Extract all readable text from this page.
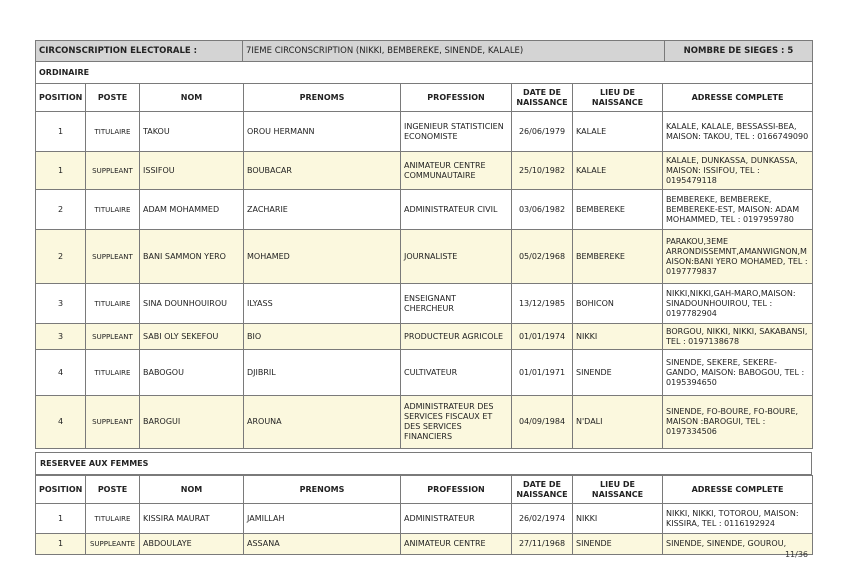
CIRCONSCRIPTION ELECTORALE :	7IEME CIRCONSCRIPTION (NIKKI, BEMBEREKE, SINENDE, KALALE)	NOMBRE DE SIEGES : 5
ORDINAIRE
POSITION	POSTE	NOM	PRENOMS	PROFESSION	DATE DE NAISSANCE	LIEU DE NAISSANCE	ADRESSE COMPLETE
1	TITULAIRE	TAKOU	OROU HERMANN	INGENIEUR STATISTICIEN ECONOMISTE	26/06/1979	KALALE	KALALE, KALALE, BESSASSI-BEA, MAISON: TAKOU, TEL : 0166749090
1	SUPPLEANT	ISSIFOU	BOUBACAR	ANIMATEUR CENTRE COMMUNAUTAIRE	25/10/1982	KALALE	KALALE, DUNKASSA, DUNKASSA, MAISON: ISSIFOU, TEL : 0195479118
2	TITULAIRE	ADAM MOHAMMED	ZACHARIE	ADMINISTRATEUR CIVIL	03/06/1982	BEMBEREKE	BEMBEREKE, BEMBEREKE, BEMBEREKE-EST, MAISON: ADAM MOHAMMED, TEL : 0197959780
2	SUPPLEANT	BANI SAMMON YERO	MOHAMED	JOURNALISTE	05/02/1968	BEMBEREKE	PARAKOU,3EME ARRONDISSEMNT,AMANWIGNON,M AISON:BANI YERO MOHAMED, TEL : 0197779837
3	TITULAIRE	SINA DOUNHOUIROU	ILYASS	ENSEIGNANT CHERCHEUR	13/12/1985	BOHICON	NIKKI,NIKKI,GAH-MARO,MAISON: SINADOUNHOUIROU, TEL : 0197782904
3	SUPPLEANT	SABI OLY SEKEFOU	BIO	PRODUCTEUR AGRICOLE	01/01/1974	NIKKI	BORGOU, NIKKI, NIKKI, SAKABANSI, TEL : 0197138678
4	TITULAIRE	BABOGOU	DJIBRIL	CULTIVATEUR	01/01/1971	SINENDE	SINENDE, SEKERE, SEKERE-GANDO, MAISON: BABOGOU, TEL : 0195394650
4	SUPPLEANT	BAROGUI	AROUNA	ADMINISTRATEUR DES SERVICES FISCAUX ET DES SERVICES FINANCIERS	04/09/1984	N'DALI	SINENDE, FO-BOURE, FO-BOURE, MAISON :BAROGUI, TEL : 0197334506
RESERVEE AUX FEMMES
POSITION	POSTE	NOM	PRENOMS	PROFESSION	DATE DE NAISSANCE	LIEU DE NAISSANCE	ADRESSE COMPLETE
1	TITULAIRE	KISSIRA MAURAT	JAMILLAH	ADMINISTRATEUR	26/02/1974	NIKKI	NIKKI, NIKKI, TOTOROU, MAISON: KISSIRA, TEL : 0116192924
1	SUPPLEANTE	ABDOULAYE	ASSANA	ANIMATEUR CENTRE	27/11/1968	SINENDE	SINENDE, SINENDE, GOUROU,
11/36
